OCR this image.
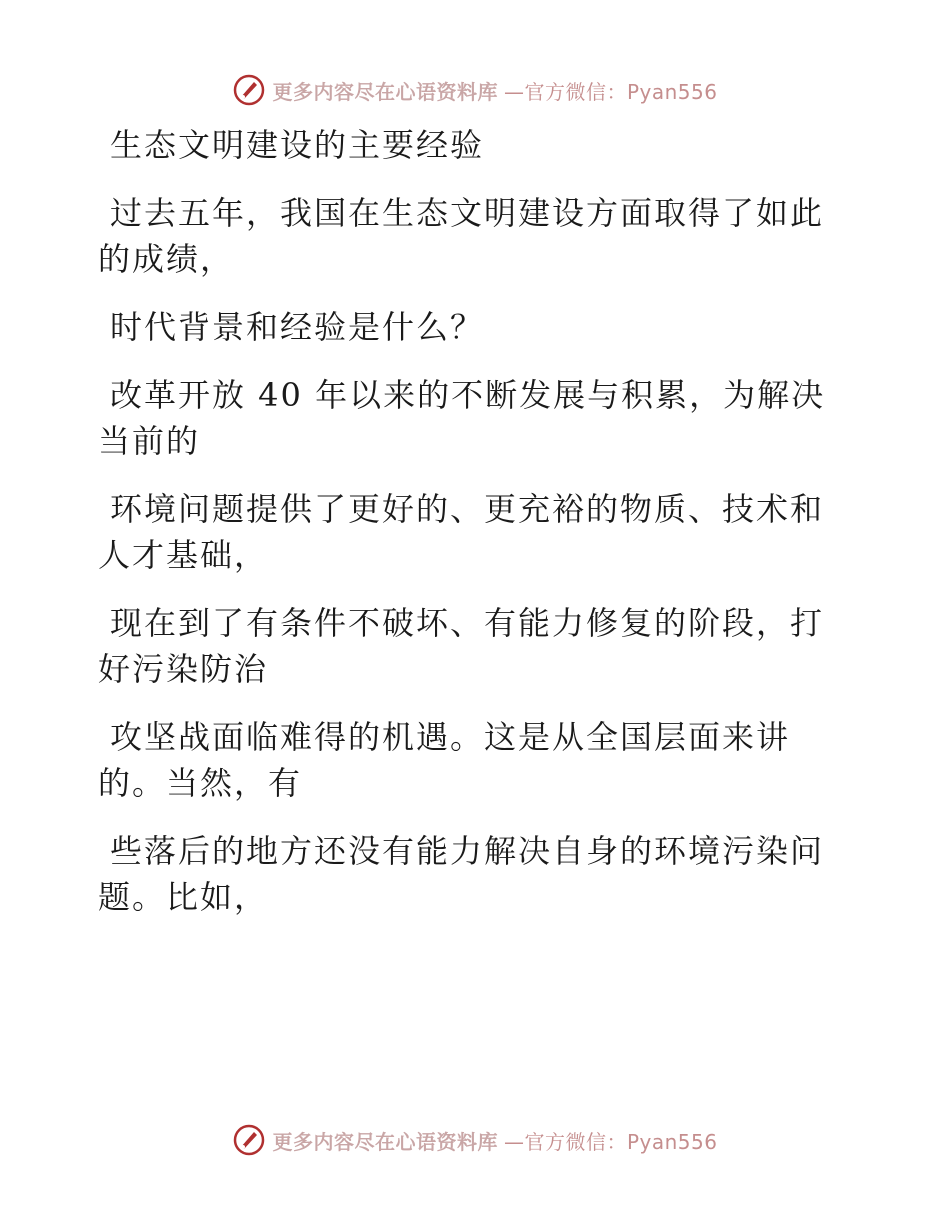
更多内容尽在心语资料库 —官方微信：Pyan556

生态文明建设的主要经验

过去五年，我国在生态文明建设方面取得了如此

的成绩，

时代背景和经验是什么？

改革开放 40 年以来的不断发展与积累，为解决

当前的

环境问题提供了更好的、更充裕的物质、技术和

人才基础，

现在到了有条件不破坏、有能力修复的阶段，打

好污染防治

攻坚战面临难得的机遇。这是从全国层面来讲

的。当然，有

些落后的地方还没有能力解决自身的环境污染问

题。比如，

更多内容尽在心语资料库 —官方微信：Pyan556
